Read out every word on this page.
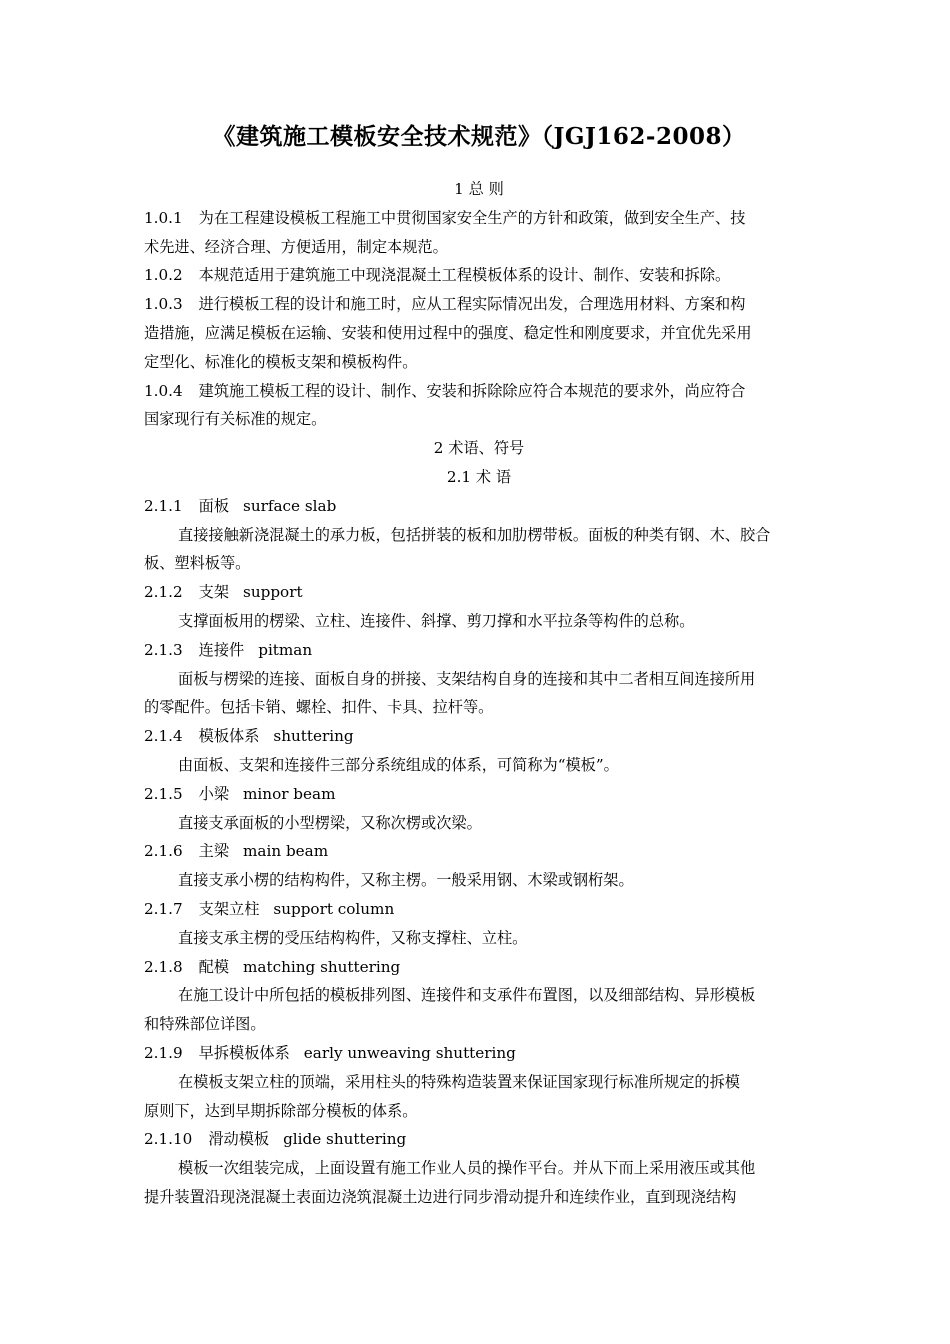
《建筑施工模板安全技术规范》（JGJ162-2008）
1 总 则
1.0.1 为在工程建设模板工程施工中贯彻国家安全生产的方针和政策，做到安全生产、技
术先进、经济合理、方便适用，制定本规范。
1.0.2 本规范适用于建筑施工中现浇混凝土工程模板体系的设计、制作、安装和拆除。
1.0.3 进行模板工程的设计和施工时，应从工程实际情况出发，合理选用材料、方案和构
造措施，应满足模板在运输、安装和使用过程中的强度、稳定性和刚度要求，并宜优先采用
定型化、标准化的模板支架和模板构件。
1.0.4 建筑施工模板工程的设计、制作、安装和拆除除应符合本规范的要求外，尚应符合
国家现行有关标准的规定。
2 术语、符号
2.1 术 语
2.1.1 面板 surface slab
直接接触新浇混凝土的承力板，包括拼装的板和加肋楞带板。面板的种类有钢、木、胶合
板、塑料板等。
2.1.2 支架 support
支撑面板用的楞梁、立柱、连接件、斜撑、剪刀撑和水平拉条等构件的总称。
2.1.3 连接件 pitman
面板与楞梁的连接、面板自身的拼接、支架结构自身的连接和其中二者相互间连接所用
的零配件。包括卡销、螺栓、扣件、卡具、拉杆等。
2.1.4 模板体系 shuttering
由面板、支架和连接件三部分系统组成的体系，可简称为“模板”。
2.1.5 小梁 minor beam
直接支承面板的小型楞梁，又称次楞或次梁。
2.1.6 主梁 main beam
直接支承小楞的结构构件，又称主楞。一般采用钢、木梁或钢桁架。
2.1.7 支架立柱 support column
直接支承主楞的受压结构构件，又称支撑柱、立柱。
2.1.8 配模 matching shuttering
在施工设计中所包括的模板排列图、连接件和支承件布置图，以及细部结构、异形模板
和特殊部位详图。
2.1.9 早拆模板体系 early unweaving shuttering
在模板支架立柱的顶端，采用柱头的特殊构造装置来保证国家现行标准所规定的拆模
原则下，达到早期拆除部分模板的体系。
2.1.10 滑动模板 glide shuttering
模板一次组装完成，上面设置有施工作业人员的操作平台。并从下而上采用液压或其他
提升装置沿现浇混凝土表面边浇筑混凝土边进行同步滑动提升和连续作业，直到现浇结构
